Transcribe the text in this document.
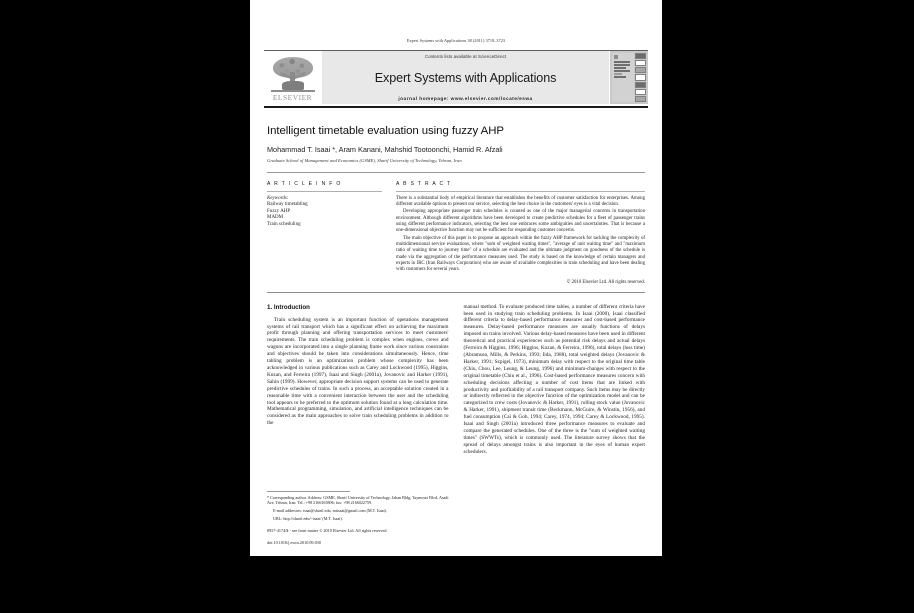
Expert Systems with Applications 38 (2011) 3718–3723
ELSEVIER
Contents lists available at ScienceDirect
Expert Systems with Applications
journal homepage: www.elsevier.com/locate/eswa
Intelligent timetable evaluation using fuzzy AHP
Mohammad T. Isaai *, Aram Kanani, Mahshid Tootoonchi, Hamid R. Afzali
Graduate School of Management and Economics (GSME), Sharif University of Technology, Tehran, Iran
A R T I C L E I N F O
Keywords:
Railway timetabling
Fuzzy AHP
MADM
Train scheduling
A B S T R A C T

There is a substantial body of empirical literature that establishes the benefits of customer satisfaction for enterprises. Among different available options to present our service, selecting the best choice in the customers' eyes is a vital decision.

Developing appropriate passenger train schedules is counted as one of the major managerial concerns in transportation environment. Although different algorithms have been developed to create predictive schedules for a fleet of passenger trains using different performance indicators, selecting the best one embraces some ambiguities and uncertainties. That is because a one-dimensional objective function may not be sufficient for responding customer concerns.

The main objective of this paper is to propose an approach within the fuzzy AHP framework for tackling the complexity of multidimensional service evaluations, where "sum of weighted waiting times", "average of unit waiting time" and "maximum ratio of waiting time to journey time" of a schedule are evaluated and the ultimate judgment on goodness of the schedule is made via the aggregation of the performance measures used. The study is based on the knowledge of certain managers and experts in IRC (Iran Railways Corporation) who are aware of available complexities in train scheduling and have been dealing with customers for several years.

© 2010 Elsevier Ltd. All rights reserved.
1. Introduction

Train scheduling system is an important function of operations management systems of rail transport which has a significant effect on achieving the maximum profit through planning and offering transportation services to meet customers' requirements. The train scheduling problem is complex when engines, crews and wagons are incorporated into a single planning frame work since various constraints and objectives should be taken into considerations simultaneously. Hence, time tabling problem is an optimization problem whose complexity has been acknowledged in various publications such as Carey and Lockwood (1995), Higgins, Kozan, and Ferreira (1997), Isaai and Singh (2001a), Jovanovic and Harker (1991), Sahin (1999). However, appropriate decision support systems can be used to generate predictive schedules of trains. In such a process, an acceptable solution created in a reasonable time with a convenient interaction between the user and the scheduling tool appears to be preferred to the optimum solution found at a long calculation time. Mathematical programming, simulation, and artificial intelligence techniques can be considered as the main approaches to solve train scheduling problems in addition to the

* Corresponding author. Address: GSME, Sharif University of Technology, Jahan Bldg, Taymouri Blvd, Asadi Ave, Tehran, Iran. Tel.: +98 2166165806; fax: +98 2166022759.

E-mail addresses: isaai@sharif.edu, mtisaai@gmail.com (M.T. Isaai).

URL: http://sharif.edu/~isaai/ (M.T. Isaai).

0957-4174/$ - see front matter © 2010 Elsevier Ltd. All rights reserved.
doi:10.1016/j.eswa.2010.09.030

manual method. To evaluate produced time tables, a number of different criteria have been used in studying train scheduling problems. In Isaai (2000), Isaai classified different criteria to delay-based performance measures and cost-based performance measures. Delay-based performance measures are usually functions of delays imposed on trains involved. Various delay-based measures have been used in different theoretical and practical experiences such as potential risk delays and actual delays (Ferreira & Higgins, 1996; Higgins, Kozan, & Ferreira, 1996), total delays (loss time) (Abramson, Mills, & Perkins, 1993; Iida, 1988), total weighted delays (Jovanovic & Harker, 1991; Szpigel, 1973), minimum delay with respect to the original time table (Chiu, Chou, Lee, Leung, & Leung, 1996) and minimum-changes with respect to the original timetable (Chiu et al., 1996). Cost-based performance measures concern with scheduling decisions affecting a number of cost items that are linked with productivity and profitability of a rail transport company. Such items may be directly or indirectly reflected in the objective function of the optimization model and can be categorized to crew costs (Jovanovic & Harker, 1991), rolling stock value (Jovanovic & Harker, 1991), shipment transit time (Beckmann, McGuire, & Winstin, 1956), and fuel consumption (Cai & Goh, 1994; Carey, 1974, 1994; Carey & Lockwood, 1995). Isaai and Singh (2001a) introduced three performance measures to evaluate and compare the generated schedules. One of the three is the "sum of weighted waiting times" (SWWTs), which is commonly used. The literature survey shows that the spread of delays amongst trains is also important in the eyes of human expert schedulers.
